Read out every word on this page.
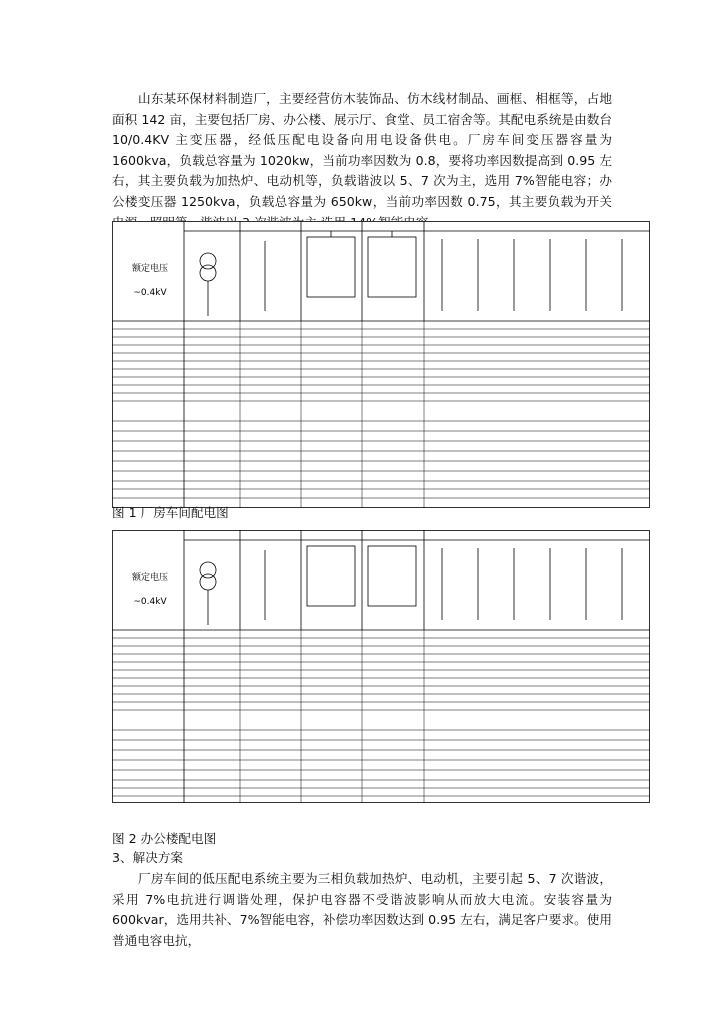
山东某环保材料制造厂，主要经营仿木装饰品、仿木线材制品、画框、相框等，占地面积 142 亩，主要包括厂房、办公楼、展示厅、食堂、员工宿舍等。其配电系统是由数台 10/0.4KV 主变压器，经低压配电设备向用电设备供电。厂房车间变压器容量为 1600kva，负载总容量为 1020kw，当前功率因数为 0.8，要将功率因数提高到 0.95 左右，其主要负载为加热炉、电动机等，负载谐波以 5、7 次为主，选用 7%智能电容；办公楼变压器 1250kva，负载总容量为 650kw，当前功率因数 0.75，其主要负载为开关

额定电压
~0.4kV

图 1 厂房车间配电图

额定电压
~0.4kV

图 2 办公楼配电图

3、解决方案

厂房车间的低压配电系统主要为三相负载加热炉、电动机，主要引起 5、7 次谐波，采用 7%电抗进行调谐处理，保护电容器不受谐波影响从而放大电流。安装容量为 600kvar，选用共补、7%智能电容，补偿功率因数达到 0.95 左右，满足客户要求。使用普通电容电抗，
